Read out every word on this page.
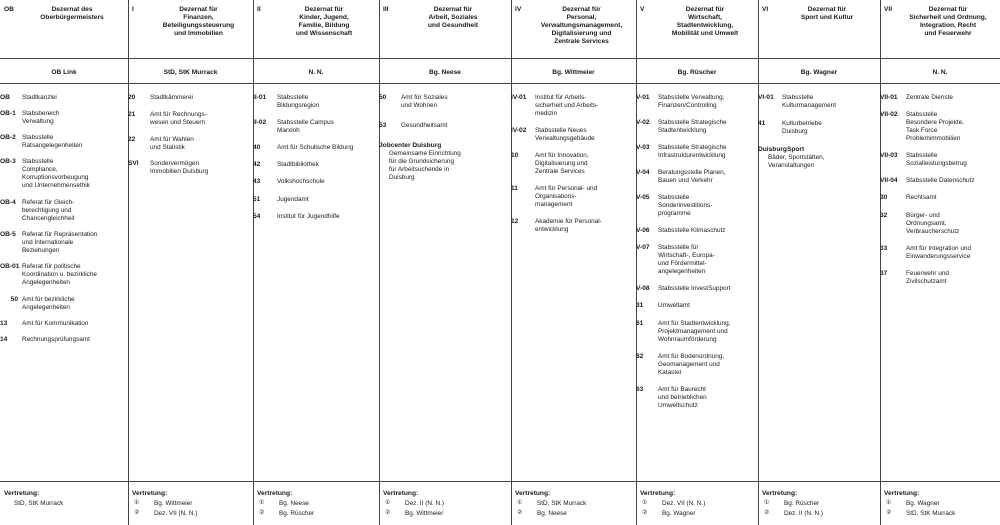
OB	Dezernat des
Oberbürgermeisters
OB Link
OB	Stadtkanzlei
OB-1 Stabsbereich
Verwaltung
OB-2 Stabsstelle
Ratsangelegenheiten
OB-3 Stabsstelle
Compliance,
Korruptionsvorbeugung
und Unternehmensethik
OB-4 Referat für Gleich-
berechtigung und
Chancengleichheit
OB-5 Referat für Repräsentation
und Internationale
Beziehungen
OB-01 Referat für politische
Koordination u. bezirkliche
Angelegenheiten
50 Amt für bezirkliche
Angelegenheiten
13	Amt für Kommunikation
14	Rechnungsprüfungsamt
Vertretung:
StD, StK Murrack
I	Dezernat für
Finanzen,
Beteiligungssteuerung
und Immobilien
StD, StK Murrack
20	Stadtkämmerei
21	Amt für Rechnungs-
wesen und Steuern
22	Amt für Wahlen
und Statistik
SVI	Sondervermögen
Immobilien Duisburg
Vertretung:
①	Bg. Wittmeier
②	Dez. VII (N. N.)
II	Dezernat für
Kinder, Jugend,
Familie, Bildung
und Wissenschaft
N. N.
II-01	Stabsstelle
Bildungsregion
II-02	Stabsstelle Campus
Marxloh
40	Amt für Schulische Bildung
42	Stadtbibliothek
43	Volkshochschule
51	Jugendamt
54	Institut für Jugendhilfe
Vertretung:
①	Bg. Neese
②	Bg. Rüscher
III	Dezernat für
Arbeit, Soziales
und Gesundheit
Bg. Neese
50	Amt für Soziales
und Wohnen
53	Gesundheitsamt
Jobcenter Duisburg
Gemeinsame Einrichtung
für die Grundsicherung
für Arbeitsuchende in
Duisburg
Vertretung:
①	Dez. II (N. N.)
②	Bg. Wittmeier
IV	Dezernat für
Personal,
Verwaltungsmanagement,
Digitalisierung und
Zentrale Services
Bg. Wittmeier
IV-01	Institut für Arbeits-
sicherheit und Arbeits-
medizin
IV-02	Stabsstelle Neues
Verwaltungsgebäude
10	Amt für Innovation,
Digitalisierung und
Zentrale Services
11	Amt für Personal- und
Organisations-
management
12	Akademie für Personal-
entwicklung
Vertretung:
①	StD, StK Murrack
②	Bg. Neese
V	Dezernat für
Wirtschaft,
Stadtentwicklung,
Mobilität und Umwelt
Bg. Rüscher
V-01	Stabsstelle Verwaltung,
Finanzen/Controlling
V-02	Stabsstelle Strategische
Stadtentwicklung
V-03	Stabsstelle Strategische
Infrastrukturentwicklung
V-04	Beratungsstelle Planen,
Bauen und Verkehr
V-05	Stabsstelle
Sonderinvestitions-
programme
V-06	Stabsstelle Klimaschutz
V-07	Stabsstelle für
Wirtschaft-, Europa-
und Fördermittel-
angelegenheiten
V-08	Stabsstelle InvestSupport
31	Umweltamt
61	Amt für Stadtentwicklung,
Projektmanagement und
Wohnraumförderung
62	Amt für Bodenordnung,
Geomanagement und
Kataster
63	Amt für Baurecht
und betrieblichen
Umweltschutz
Vertretung:
①	Dez. VII (N. N.)
②	Bg. Wagner
VI	Dezernat für
Sport und Kultur
Bg. Wagner
VI-01	Stabsstelle
Kulturmanagement
41	Kulturbetriebe
Duisburg
DuisburgSport
Bäder, Sportstätten,
Veranstaltungen
Vertretung:
①	Bg. Rüscher
②	Dez. II (N. N.)
VII	Dezernat für
Sicherheit und Ordnung,
Integration, Recht
und Feuerwehr
N. N.
VII-01	Zentrale Dienste
VII-02	Stabsstelle
Besondere Projekte,
Task Force
Problemimmobilien
VII-03	Stabsstelle
Sozialleistungsbetrug
VII-04	Stabsstelle Datenschutz
30	Rechtsamt
32	Bürger- und
Ordnungsamt,
Verbraucherschutz
33	Amt für Integration und
Einwanderungsservice
37	Feuerwehr und
Zivilschutzamt
Vertretung:
①	Bg. Wagner
②	StD, StK Murrack
